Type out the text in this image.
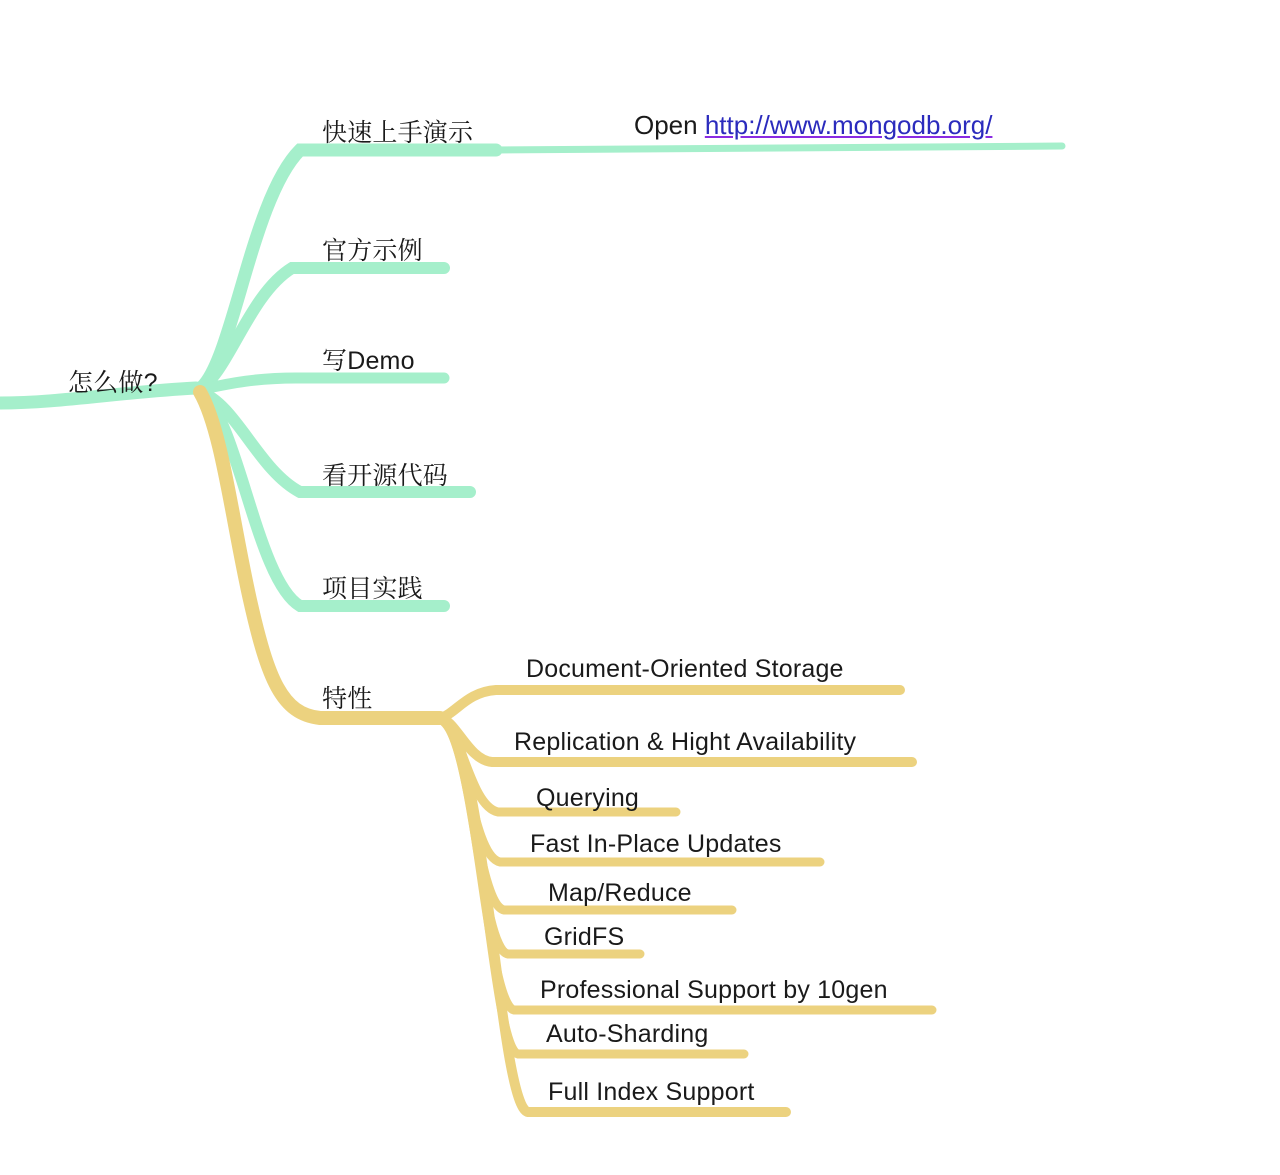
怎么做?
快速上手演示	Open http://www.mongodb.org/
官方示例
写Demo
看开源代码
项目实践
特性
Document-Oriented Storage
Replication & Hight Availability
Querying
Fast In-Place Updates
Map/Reduce
GridFS
Professional Support by 10gen
Auto-Sharding
Full Index Support
